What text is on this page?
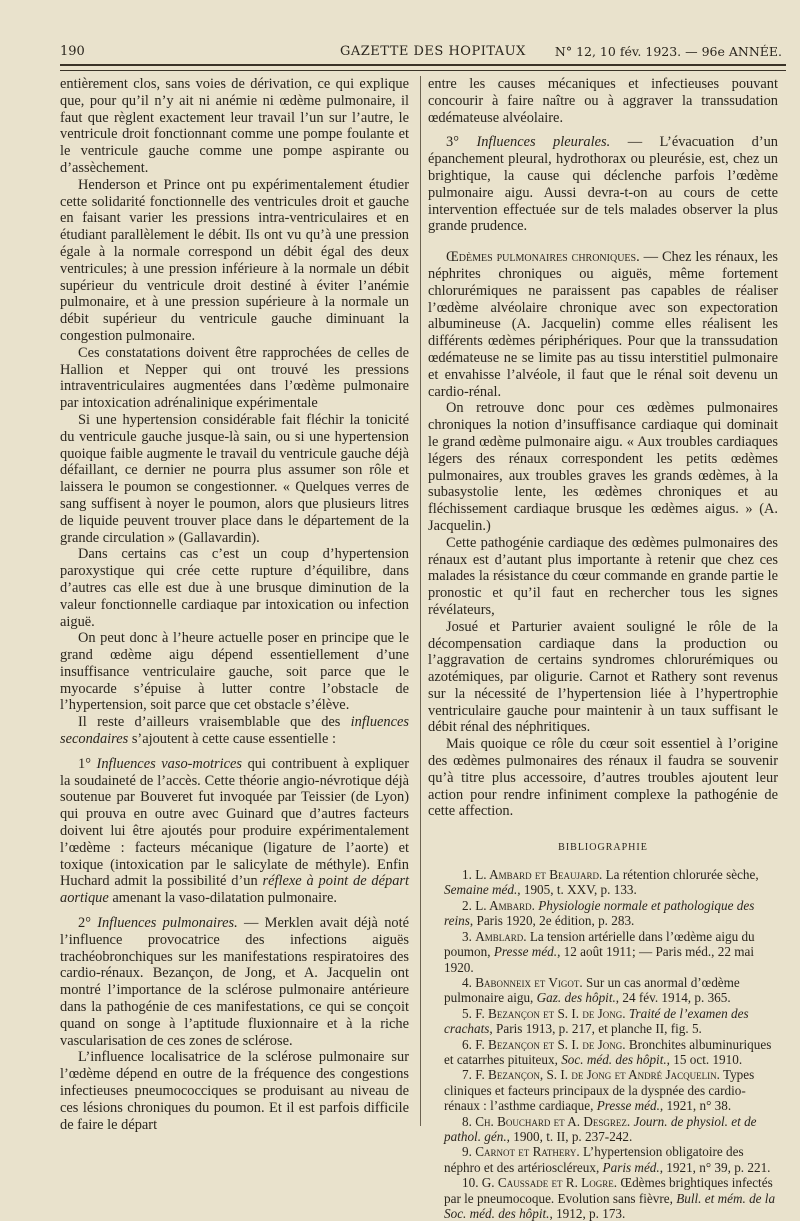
190	GAZETTE DES HOPITAUX N° 12, 10 fév. 1923. — 96e ANNÉE.

entièrement clos, sans voies de dérivation, ce qui explique que, pour qu’il n’y ait ni anémie ni œdème pulmonaire, il faut que règlent exactement leur travail l’un sur l’autre, le ventricule droit fonctionnant comme une pompe foulante et le ventricule gauche comme une pompe aspirante ou d’assèchement.

Henderson et Prince ont pu expérimentalement étudier cette solidarité fonctionnelle des ventricules droit et gauche en faisant varier les pressions intra-ventriculaires et en étudiant parallèlement le débit. Ils ont vu qu’à une pression égale à la normale correspond un débit égal des deux ventricules; à une pression inférieure à la normale un débit supérieur du ventricule droit destiné à éviter l’anémie pulmonaire, et à une pression supérieure à la normale un débit supérieur du ventricule gauche diminuant la congestion pulmonaire.

Ces constatations doivent être rapprochées de celles de Hallion et Nepper qui ont trouvé les pressions intraventriculaires augmentées dans l’œdème pulmonaire par intoxication adrénalinique expérimentale

Si une hypertension considérable fait fléchir la tonicité du ventricule gauche jusque-là sain, ou si une hypertension quoique faible augmente le travail du ventricule gauche déjà défaillant, ce dernier ne pourra plus assumer son rôle et laissera le poumon se congestionner. « Quelques verres de sang suffisent à noyer le poumon, alors que plusieurs litres de liquide peuvent trouver place dans le département de la grande circulation » (Gallavardin).

Dans certains cas c’est un coup d’hypertension paroxystique qui crée cette rupture d’équilibre, dans d’autres cas elle est due à une brusque diminution de la valeur fonctionnelle cardiaque par intoxication ou infection aiguë.

On peut donc à l’heure actuelle poser en principe que le grand œdème aigu dépend essentiellement d’une insuffisance ventriculaire gauche, soit parce que le myocarde s’épuise à lutter contre l’obstacle de l’hypertension, soit parce que cet obstacle s’élève.

Il reste d’ailleurs vraisemblable que des influences secondaires s’ajoutent à cette cause essentielle :

1° Influences vaso-motrices qui contribuent à expliquer la soudaineté de l’accès. Cette théorie angio-névrotique déjà soutenue par Bouveret fut invoquée par Teissier (de Lyon) qui prouva en outre avec Guinard que d’autres facteurs doivent lui être ajoutés pour produire expérimentalement l’œdème : facteurs mécanique (ligature de l’aorte) et toxique (intoxication par le salicylate de méthyle). Enfin Huchard admit la possibilité d’un réflexe à point de départ aortique amenant la vaso-dilatation pulmonaire.

2° Influences pulmonaires. — Merklen avait déjà noté l’influence provocatrice des infections aiguës trachéobronchiques sur les manifestations respiratoires des cardio-rénaux. Bezançon, de Jong, et A. Jacquelin ont montré l’importance de la sclérose pulmonaire antérieure dans la pathogénie de ces manifestations, ce qui se conçoit quand on songe à l’aptitude fluxionnaire et à la riche vascularisation de ces zones de sclérose.

L’influence localisatrice de la sclérose pulmonaire sur l’œdème dépend en outre de la fréquence des congestions infectieuses pneumococciques se produisant au niveau de ces lésions chroniques du poumon. Et il est parfois difficile de faire le départ

entre les causes mécaniques et infectieuses pouvant concourir à faire naître ou à aggraver la transsudation œdémateuse alvéolaire.

3° Influences pleurales. — L’évacuation d’un épanchement pleural, hydrothorax ou pleurésie, est, chez un brightique, la cause qui déclenche parfois l’œdème pulmonaire aigu. Aussi devra-t-on au cours de cette intervention effectuée sur de tels malades observer la plus grande prudence.

Œdèmes pulmonaires chroniques. — Chez les rénaux, les néphrites chroniques ou aiguës, même fortement chlorurémiques ne paraissent pas capables de réaliser l’œdème alvéolaire chronique avec son expectoration albumineuse (A. Jacquelin) comme elles réalisent les différents œdèmes périphériques. Pour que la transsudation œdémateuse ne se limite pas au tissu interstitiel pulmonaire et envahisse l’alvéole, il faut que le rénal soit devenu un cardio-rénal.

On retrouve donc pour ces œdèmes pulmonaires chroniques la notion d’insuffisance cardiaque qui dominait le grand œdème pulmonaire aigu. « Aux troubles cardiaques légers des rénaux correspondent les petits œdèmes pulmonaires, aux troubles graves les grands œdèmes, à la subasystolie lente, les œdèmes chroniques et au fléchissement cardiaque brusque les œdèmes aigus. » (A. Jacquelin.)

Cette pathogénie cardiaque des œdèmes pulmonaires des rénaux est d’autant plus importante à retenir que chez ces malades la résistance du cœur commande en grande partie le pronostic et qu’il faut en rechercher tous les signes révélateurs,

Josué et Parturier avaient souligné le rôle de la décompensation cardiaque dans la production ou l’aggravation de certains syndromes chlorurémiques ou azotémiques, par oligurie. Carnot et Rathery sont revenus sur la nécessité de l’hypertension liée à l’hypertrophie ventriculaire gauche pour maintenir à un taux suffisant le débit rénal des néphritiques.

Mais quoique ce rôle du cœur soit essentiel à l’origine des œdèmes pulmonaires des rénaux il faudra se souvenir qu’à titre plus accessoire, d’autres troubles ajoutent leur action pour rendre infiniment complexe la pathogénie de cette affection.

BIBLIOGRAPHIE

1. L. Ambard et Beaujard. La rétention chlorurée sèche, Semaine méd., 1905, t. XXV, p. 133.

2. L. Ambard. Physiologie normale et pathologique des reins, Paris 1920, 2e édition, p. 283.

3. Amblard. La tension artérielle dans l’œdème aigu du poumon, Presse méd., 12 août 1911; — Paris méd., 22 mai 1920.

4. Babonneix et Vigot. Sur un cas anormal d’œdème pulmonaire aigu, Gaz. des hôpit., 24 fév. 1914, p. 365.

5. F. Bezançon et S. I. de Jong. Traité de l’examen des crachats, Paris 1913, p. 217, et planche II, fig. 5.

6. F. Bezançon et S. I. de Jong. Bronchites albuminuriques et catarrhes pituiteux, Soc. méd. des hôpit., 15 oct. 1910.

7. F. Bezançon, S. I. de Jong et André Jacquelin. Types cliniques et facteurs principaux de la dyspnée des cardio-rénaux : l’asthme cardiaque, Presse méd., 1921, n° 38.

8. Ch. Bouchard et A. Desgrez. Journ. de physiol. et de pathol. gén., 1900, t. II, p. 237-242.

9. Carnot et Rathery. L’hypertension obligatoire des néphro et des artérioscléreux, Paris méd., 1921, n° 39, p. 221.

10. G. Caussade et R. Logre. Œdèmes brightiques infectés par le pneumocoque. Evolution sans fièvre, Bull. et mém. de la Soc. méd. des hôpit., 1912, p. 173.
